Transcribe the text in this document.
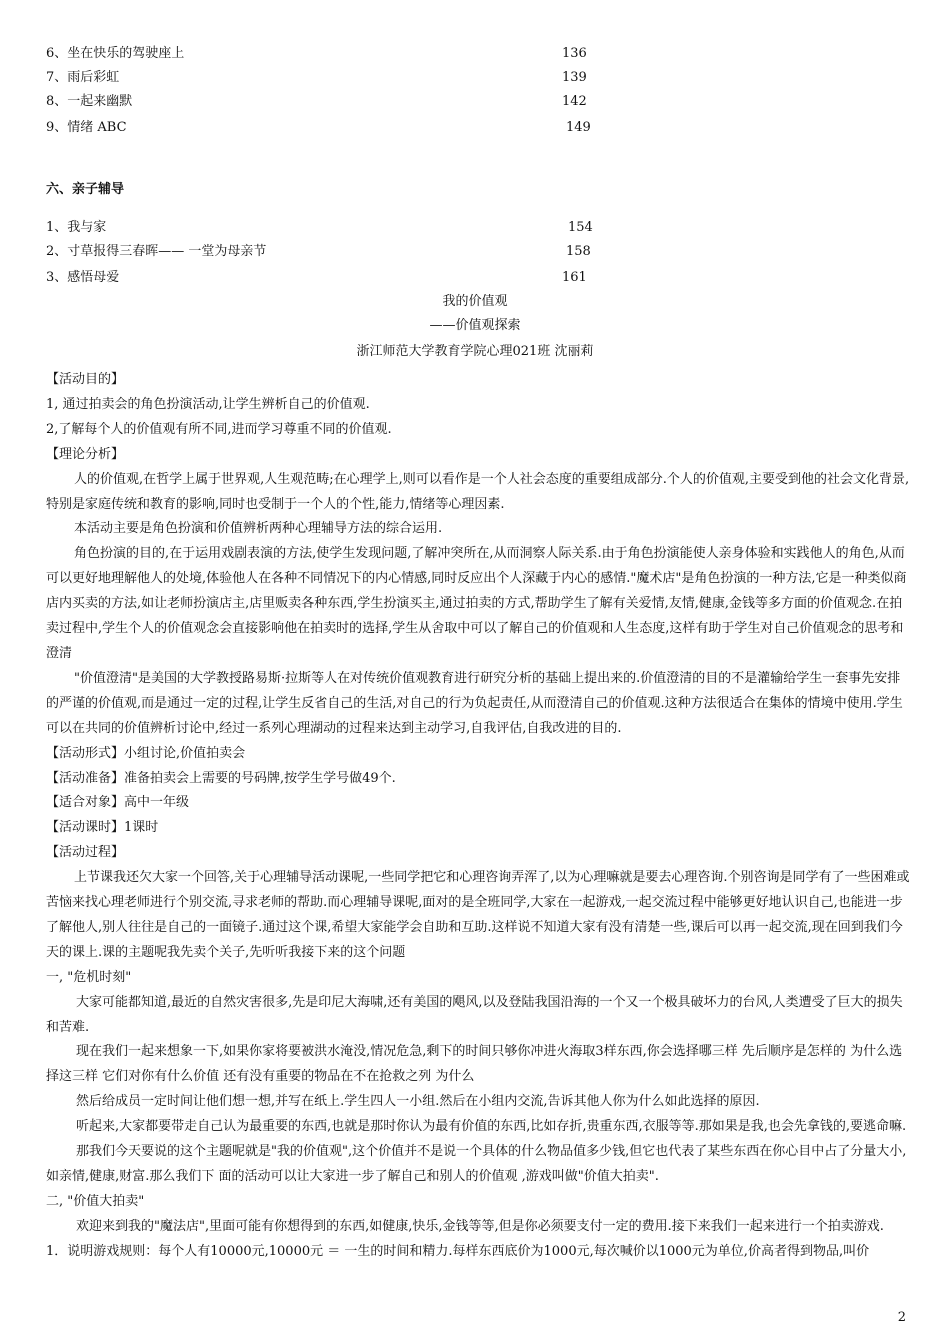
6、坐在快乐的驾驶座上	136
7、雨后彩虹	139
8、一起来幽默	142
9、情绪 ABC	149
六、亲子辅导
1、我与家	154
2、寸草报得三春晖—— 一堂为母亲节	158
3、感悟母爱	161
我的价值观
——价值观探索
浙江师范大学教育学院心理021班 沈丽莉

【活动目的】

1, 通过拍卖会的角色扮演活动,让学生辨析自己的价值观.

2,了解每个人的价值观有所不同,进而学习尊重不同的价值观.

【理论分析】

人的价值观,在哲学上属于世界观,人生观范畴;在心理学上,则可以看作是一个人社会态度的重要组成部分.个人的价值观,主要受到他的社会文化背景,特别是家庭传统和教育的影响,同时也受制于一个人的个性,能力,情绪等心理因素.

本活动主要是角色扮演和价值辨析两种心理辅导方法的综合运用.

角色扮演的目的,在于运用戏剧表演的方法,使学生发现问题,了解冲突所在,从而洞察人际关系.由于角色扮演能使人亲身体验和实践他人的角色,从而可以更好地理解他人的处境,体验他人在各种不同情况下的内心情感,同时反应出个人深藏于内心的感情."魔术店"是角色扮演的一种方法,它是一种类似商店内买卖的方法,如让老师扮演店主,店里贩卖各种东西,学生扮演买主,通过拍卖的方式,帮助学生了解有关爱情,友情,健康,金钱等多方面的价值观念.在拍卖过程中,学生个人的价值观念会直接影响他在拍卖时的选择,学生从舍取中可以了解自己的价值观和人生态度,这样有助于学生对自己价值观念的思考和澄清

"价值澄清"是美国的大学教授路易斯·拉斯等人在对传统价值观教育进行研究分析的基础上提出来的.价值澄清的目的不是灌输给学生一套事先安排的严谨的价值观,而是通过一定的过程,让学生反省自己的生活,对自己的行为负起责任,从而澄清自己的价值观.这种方法很适合在集体的情境中使用.学生可以在共同的价值辨析讨论中,经过一系列心理湖动的过程来达到主动学习,自我评估,自我改进的目的.

【活动形式】小组讨论,价值拍卖会

【活动准备】准备拍卖会上需要的号码牌,按学生学号做49个.

【适合对象】高中一年级

【活动课时】1课时

【活动过程】

上节课我还欠大家一个回答,关于心理辅导活动课呢,一些同学把它和心理咨询弄浑了,以为心理嘛就是要去心理咨询.个别咨询是同学有了一些困难或苦恼来找心理老师进行个别交流,寻求老师的帮助.而心理辅导课呢,面对的是全班同学,大家在一起游戏,一起交流过程中能够更好地认识自己,也能进一步了解他人,别人往往是自己的一面镜子.通过这个课,希望大家能学会自助和互助.这样说不知道大家有没有清楚一些,课后可以再一起交流,现在回到我们今天的课上.课的主题呢我先卖个关子,先听听我接下来的这个问题

一, "危机时刻"

大家可能都知道,最近的自然灾害很多,先是印尼大海啸,还有美国的飓风,以及登陆我国沿海的一个又一个极具破坏力的台风,人类遭受了巨大的损失和苦难.

现在我们一起来想象一下,如果你家将要被洪水淹没,情况危急,剩下的时间只够你冲进火海取3样东西,你会选择哪三样 先后顺序是怎样的 为什么选择这三样 它们对你有什么价值 还有没有重要的物品在不在抢救之列 为什么

然后给成员一定时间让他们想一想,并写在纸上.学生四人一小组.然后在小组内交流,告诉其他人你为什么如此选择的原因.

听起来,大家都要带走自己认为最重要的东西,也就是那时你认为最有价值的东西,比如存折,贵重东西,衣服等等.那如果是我,也会先拿钱的,要逃命嘛.

那我们今天要说的这个主题呢就是"我的价值观",这个价值并不是说一个具体的什么物品值多少钱,但它也代表了某些东西在你心目中占了分量大小,如亲情,健康,财富.那么我们下 面的活动可以让大家进一步了解自己和别人的价值观 ,游戏叫做"价值大拍卖".

二, "价值大拍卖"

欢迎来到我的"魔法店",里面可能有你想得到的东西,如健康,快乐,金钱等等,但是你必须要支付一定的费用.接下来我们一起来进行一个拍卖游戏.

1．说明游戏规则：每个人有10000元,10000元 ＝ 一生的时间和精力.每样东西底价为1000元,每次喊价以1000元为单位,价高者得到物品,叫价

2
